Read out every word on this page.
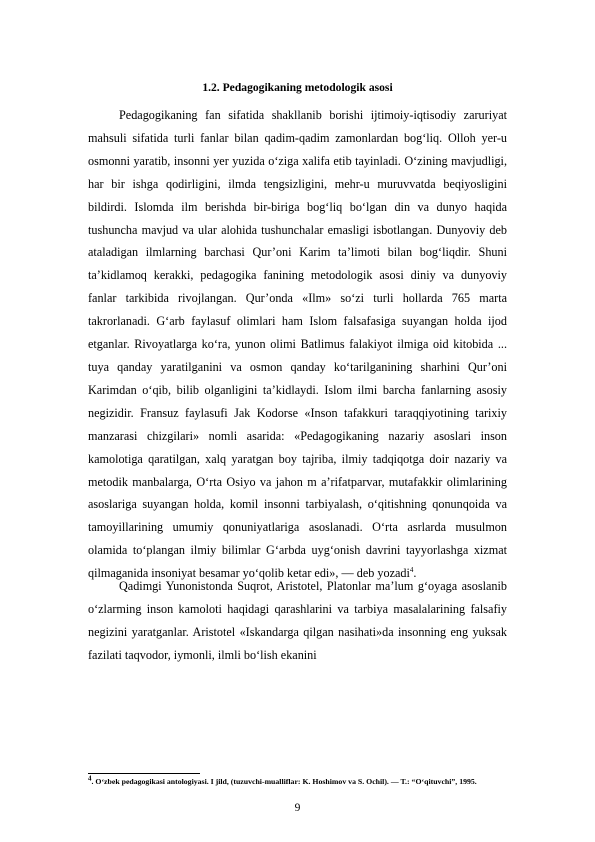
1.2. Pedagogikaning metodologik asosi

Pedagogikaning fan sifatida shakllanib borishi ijtimoiy-iqtisodiy zaruriyat mahsuli sifatida turli fanlar bilan qadim-qadim zamonlardan bog‘liq. Olloh yer-u osmonni yaratib, insonni yer yuzida o‘ziga xalifa etib tayinladi. O‘zining mavjudligi, har bir ishga qodirligini, ilmda tengsizligini, mehr-u muruvvatda beqiyosligini bildirdi. Islomda ilm berishda bir-biriga bog‘liq bo‘lgan din va dunyo haqida tushuncha mavjud va ular alohida tushunchalar emasligi isbotlangan. Dunyoviy deb ataladigan ilmlarning barchasi Qur’oni Karim ta’limoti bilan bog‘liqdir. Shuni ta’kidlamoq kerakki, pedagogika fanining metodologik asosi diniy va dunyoviy fanlar tarkibida rivojlangan. Qur’onda «Ilm» so‘zi turli hollarda 765 marta takrorlanadi. G‘arb faylasuf olimlari ham Islom falsafasiga suyangan holda ijod etganlar. Rivoyatlarga ko‘ra, yunon olimi Batlimus falakiyot ilmiga oid kitobida ... tuya qanday yaratilganini va osmon qanday ko‘tarilganining sharhini Qur’oni Karimdan o‘qib, bilib olganligini ta’kidlaydi. Islom ilmi barcha fanlarning asosiy negizidir. Fransuz faylasufi Jak Kodorse «Inson tafakkuri taraqqiyotining tarixiy manzarasi chizgilari» nomli asarida: «Pedagogikaning nazariy asoslari inson kamolotiga qaratilgan, xalq yaratgan boy tajriba, ilmiy tadqiqotga doir nazariy va metodik manbalarga, O‘rta Osiyo va jahon m a’rifatparvar, mutafakkir olimlarining asoslariga suyangan holda, komil insonni tarbiyalash, o‘qitishning qonunqoida va tamoyillarining umumiy qonuniyatlariga asoslanadi. O‘rta asrlarda musulmon olamida to‘plangan ilmiy bilimlar G‘arbda uyg‘onish davrini tayyorlashga xizmat qilmaganida insoniyat besamar yo‘qolib ketar edi», — deb yozadi$^4$.

Qadimgi Yunonistonda Suqrot, Aristotel, Platonlar ma’lum g‘oyaga asoslanib o‘zlarming inson kamoloti haqidagi qarashlarini va tarbiya masalalarining falsafiy negizini yaratganlar. Aristotel «Iskandarga qilgan nasihati»da insonning eng yuksak fazilati taqvodor, iymonli, ilmli bo‘lish ekanini

$^4$. O‘zbek pedagogikasi antologiyasi. I jild, (tuzuvchi-mualliflar: K. Hoshimov va S. Ochil). — T.: “O‘qituvchi”, 1995.
9
